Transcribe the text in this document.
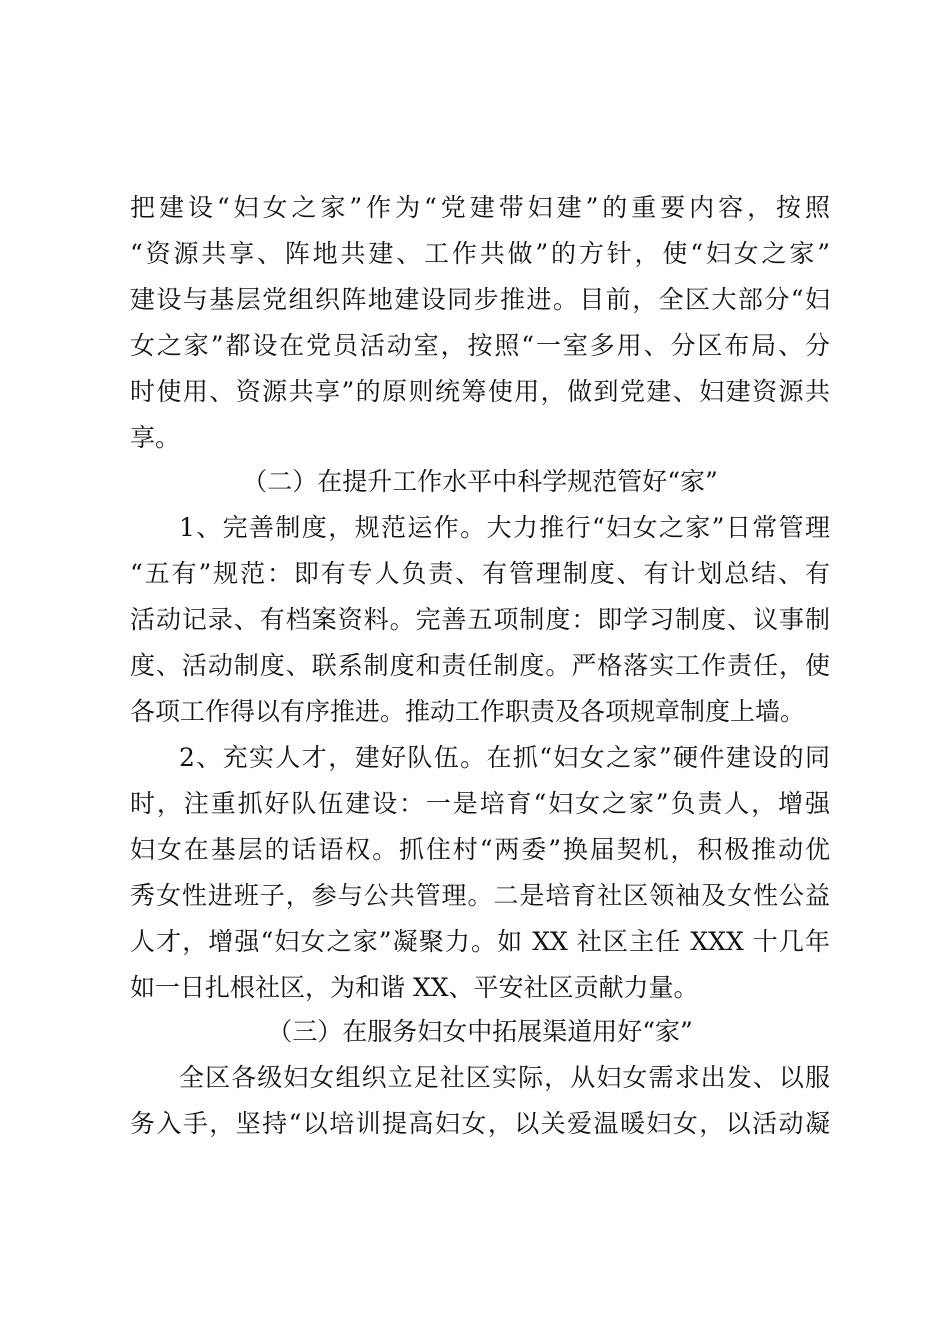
把建设“妇女之家”作为“党建带妇建”的重要内容，按照
“资源共享、阵地共建、工作共做”的方针，使“妇女之家”
建设与基层党组织阵地建设同步推进。目前，全区大部分“妇
女之家”都设在党员活动室，按照“一室多用、分区布局、分
时使用、资源共享”的原则统筹使用，做到党建、妇建资源共
享。
（二）在提升工作水平中科学规范管好“家”
1、完善制度，规范运作。大力推行“妇女之家”日常管理
“五有”规范：即有专人负责、有管理制度、有计划总结、有
活动记录、有档案资料。完善五项制度：即学习制度、议事制
度、活动制度、联系制度和责任制度。严格落实工作责任，使
各项工作得以有序推进。推动工作职责及各项规章制度上墙。
2、充实人才，建好队伍。在抓“妇女之家”硬件建设的同
时，注重抓好队伍建设：一是培育“妇女之家”负责人，增强
妇女在基层的话语权。抓住村“两委”换届契机，积极推动优
秀女性进班子，参与公共管理。二是培育社区领袖及女性公益
人才，增强“妇女之家”凝聚力。如 XX 社区主任 XXX 十几年
如一日扎根社区，为和谐 XX、平安社区贡献力量。
（三）在服务妇女中拓展渠道用好“家”
全区各级妇女组织立足社区实际，从妇女需求出发、以服
务入手，坚持“以培训提高妇女，以关爱温暖妇女，以活动凝
